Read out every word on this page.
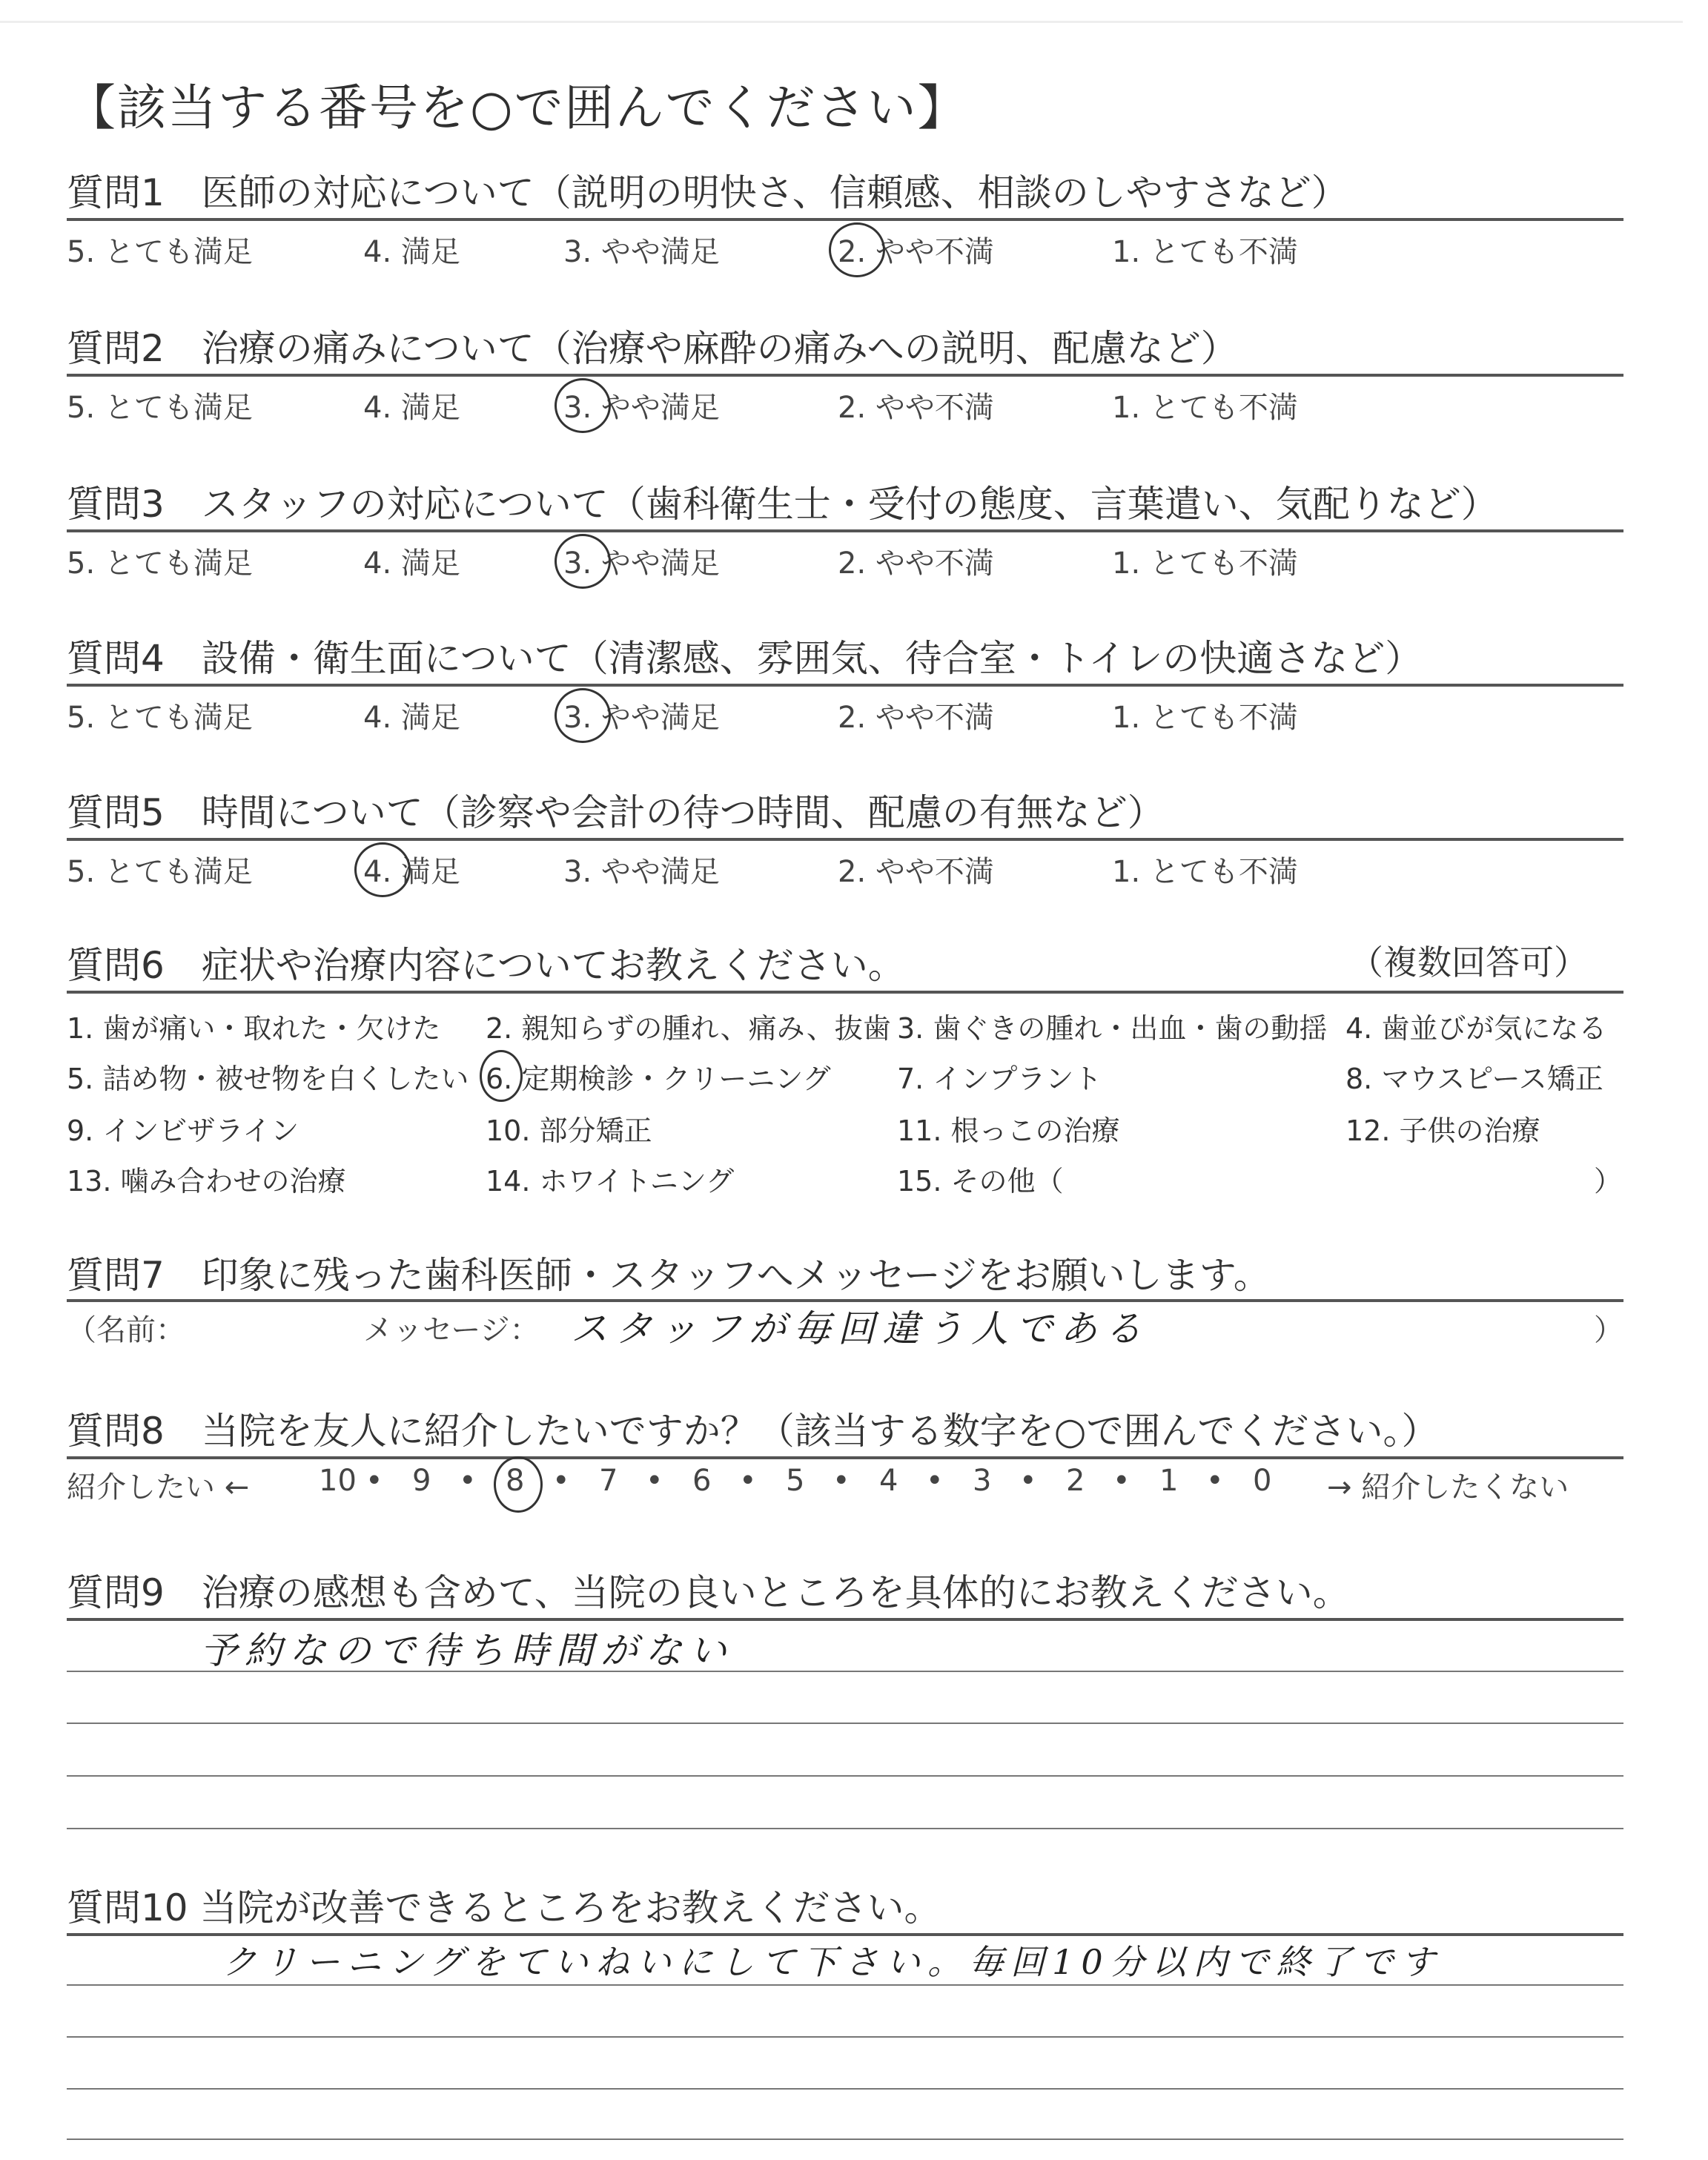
【該当する番号を○で囲んでください】
質問1　医師の対応について（説明の明快さ、信頼感、相談のしやすさなど）
5. とても満足	4. 満足	3. やや満足	2. やや不満	1. とても不満
質問2　治療の痛みについて（治療や麻酔の痛みへの説明、配慮など）
5. とても満足	4. 満足	3. やや満足	2. やや不満	1. とても不満
質問3　スタッフの対応について（歯科衛生士・受付の態度、言葉遣い、気配りなど）
5. とても満足	4. 満足	3. やや満足	2. やや不満	1. とても不満
質問4　設備・衛生面について（清潔感、雰囲気、待合室・トイレの快適さなど）
5. とても満足	4. 満足	3. やや満足	2. やや不満	1. とても不満
質問5　時間について（診察や会計の待つ時間、配慮の有無など）
5. とても満足	4. 満足	3. やや満足	2. やや不満	1. とても不満
質問6　症状や治療内容についてお教えください。	（複数回答可）
1. 歯が痛い・取れた・欠けた 2. 親知らずの腫れ、痛み、抜歯 3. 歯ぐきの腫れ・出血・歯の動揺 4. 歯並びが気になる
5. 詰め物・被せ物を白くしたい 6. 定期検診・クリーニング 7. インプラント	8. マウスピース矯正
9. インビザライン	10. 部分矯正	11. 根っこの治療	12. 子供の治療
13. 噛み合わせの治療	14. ホワイトニング	15. その他（	）
質問7　印象に残った歯科医師・スタッフへメッセージをお願いします。
（名前：	メッセージ： スタッフが毎回違う人である	）
質問8　当院を友人に紹介したいですか？（該当する数字を○で囲んでください。）
紹介したい ←	→ 紹介したくない
10 • 9 • 8 • 7 • 6 • 5 • 4 • 3 • 2 • 1 • 0
質問9　治療の感想も含めて、当院の良いところを具体的にお教えください。
予約なので待ち時間がない
質問10 当院が改善できるところをお教えください。
クリーニングをていねいにして下さい。毎回10分以内で終了です
